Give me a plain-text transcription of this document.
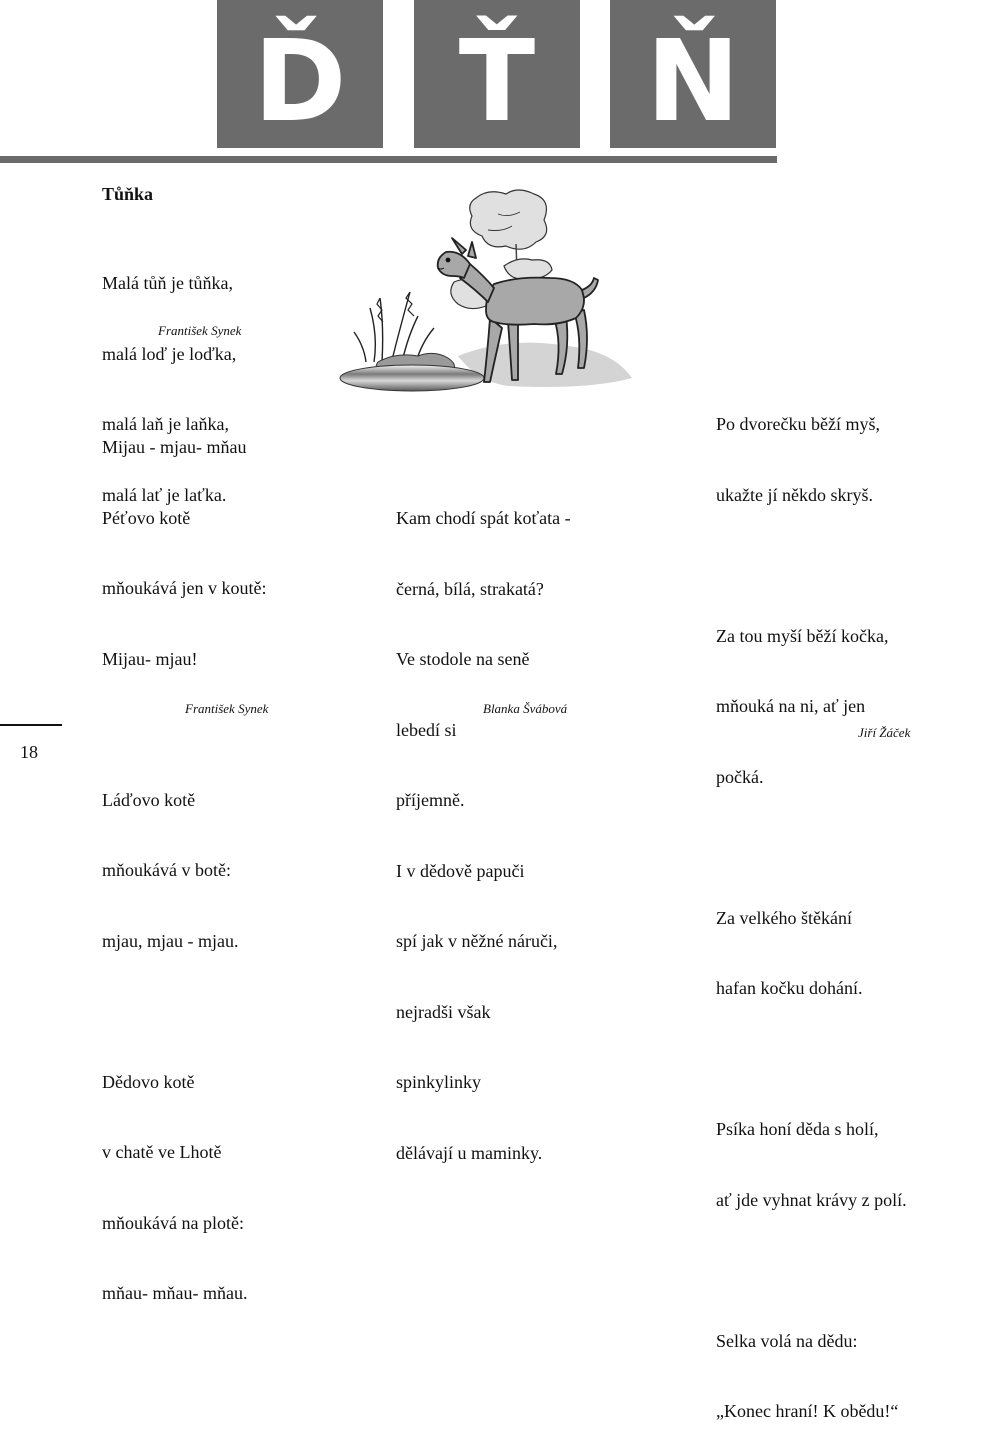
Ď Ť Ň
Tůňka

Malá tůň je tůňka,

malá loď je loďka,

malá laň je laňka,

malá lať je laťka.

František Synek

Mijau - mjau- mňau

Péťovo kotě

mňoukává jen v koutě:

Mijau- mjau!

Láďovo kotě

mňoukává v botě:

mjau, mjau - mjau.

Dědovo kotě

v chatě ve Lhotě

mňoukává na plotě:

mňau- mňau- mňau.

František Synek

Kam chodí spát koťata -

černá, bílá, strakatá?

Ve stodole na seně

lebedí si

příjemně.

I v dědově papuči

spí jak v něžné náruči,

nejradši však

spinkylinky

dělávají u maminky.

Blanka Švábová

Po dvorečku běží myš,

ukažte jí někdo skryš.

Za tou myší běží kočka,

mňouká na ni, ať jen

počká.

Za velkého štěkání

hafan kočku dohání.

Psíka honí děda s holí,

ať jde vyhnat krávy z polí.

Selka volá na dědu:

„Konec hraní! K obědu!“

Jiří Žáček
18
